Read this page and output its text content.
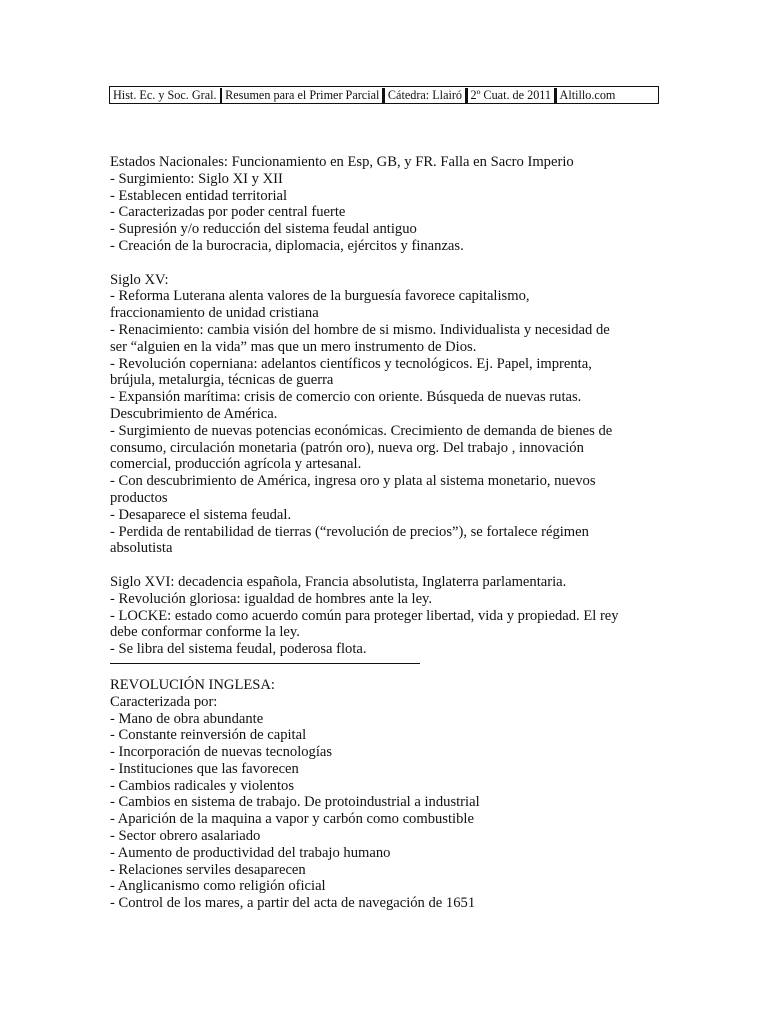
Hist. Ec. y Soc. Gral. Resumen para el Primer Parcial Cátedra: Llairó 2º Cuat. de 2011 Altillo.com
Estados Nacionales: Funcionamiento en Esp, GB, y FR. Falla en Sacro Imperio
- Surgimiento: Siglo XI y XII
- Establecen entidad territorial
- Caracterizadas por poder central fuerte
- Supresión y/o reducción del sistema feudal antiguo
- Creación de la burocracia, diplomacia, ejércitos y finanzas.
Siglo XV:
- Reforma Luterana alenta valores de la burguesía favorece capitalismo,
fraccionamiento de unidad cristiana
- Renacimiento: cambia visión del hombre de si mismo. Individualista y necesidad de
ser “alguien en la vida” mas que un mero instrumento de Dios.
- Revolución coperniana: adelantos científicos y tecnológicos. Ej. Papel, imprenta,
brújula, metalurgia, técnicas de guerra
- Expansión marítima: crisis de comercio con oriente. Búsqueda de nuevas rutas.
Descubrimiento de América.
- Surgimiento de nuevas potencias económicas. Crecimiento de demanda de bienes de
consumo, circulación monetaria (patrón oro), nueva org. Del trabajo , innovación
comercial, producción agrícola y artesanal.
- Con descubrimiento de América, ingresa oro y plata al sistema monetario, nuevos
productos
- Desaparece el sistema feudal.
- Perdida de rentabilidad de tierras (“revolución de precios”), se fortalece régimen
absolutista
Siglo XVI: decadencia española, Francia absolutista, Inglaterra parlamentaria.
- Revolución gloriosa: igualdad de hombres ante la ley.
- LOCKE: estado como acuerdo común para proteger libertad, vida y propiedad. El rey
debe conformar conforme la ley.
- Se libra del sistema feudal, poderosa flota.
REVOLUCIÓN INGLESA:
Caracterizada por:
- Mano de obra abundante
- Constante reinversión de capital
- Incorporación de nuevas tecnologías
- Instituciones que las favorecen
- Cambios radicales y violentos
- Cambios en sistema de trabajo. De protoindustrial a industrial
- Aparición de la maquina a vapor y carbón como combustible
- Sector obrero asalariado
- Aumento de productividad del trabajo humano
- Relaciones serviles desaparecen
- Anglicanismo como religión oficial
- Control de los mares, a partir del acta de navegación de 1651
